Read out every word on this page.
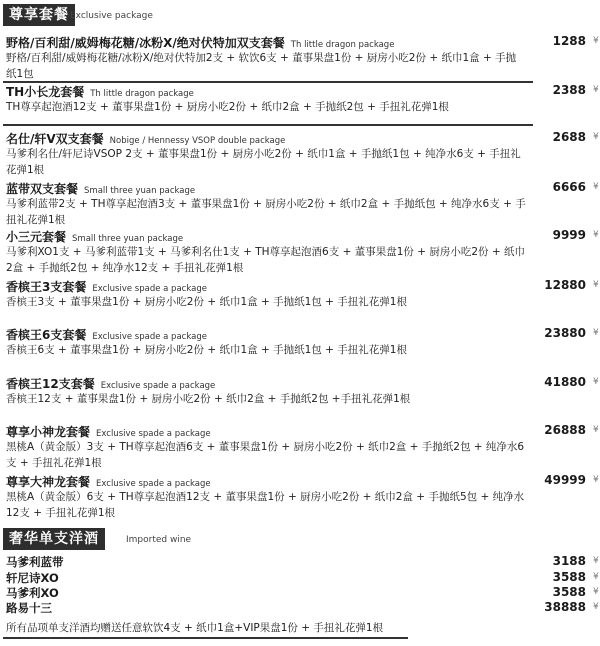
尊享套餐 Exclusive package
野格/百利甜/威姆梅花糖/冰粉X/绝对伏特加双支套餐 Th little dragon package	1288 ¥
野格/百利甜/威姆梅花糖/冰粉X/绝对伏特加2支 + 软饮6支 + 董事果盘1份 + 厨房小吃2份 + 纸巾1盒 + 手抛纸1包
TH小长龙套餐 Th little dragon package	2388 ¥
TH尊享起泡酒12支 + 董事果盘1份 + 厨房小吃2份 + 纸巾2盒 + 手抛纸2包 + 手扭礼花弹1根
名仕/轩V双支套餐 Nobige / Hennessy VSOP double package	2688 ¥
马爹利名仕/轩尼诗VSOP 2支 + 董事果盘1份 + 厨房小吃2份 + 纸巾1盒 + 手抛纸1包 + 纯净水6支 + 手扭礼花弹1根
蓝带双支套餐 Small three yuan package	6666 ¥
马爹利蓝带2支 + TH尊享起泡酒3支 + 董事果盘1份 + 厨房小吃2份 + 纸巾2盒 + 手抛纸包 + 纯净水6支 + 手扭礼花弹1根
小三元套餐 Small three yuan package	9999 ¥
马爹利XO1支 + 马爹利蓝带1支 + 马爹利名仕1支 + TH尊享起泡酒6支 + 董事果盘1份 + 厨房小吃2份 + 纸巾2盒 + 手抛纸2包 + 纯净水12支 + 手扭礼花弹1根
香槟王3支套餐 Exclusive spade a package	12880 ¥
香槟王3支 + 董事果盘1份 + 厨房小吃2份 + 纸巾1盒 + 手抛纸1包 + 手扭礼花弹1根
香槟王6支套餐 Exclusive spade a package	23880 ¥
香槟王6支 + 董事果盘1份 + 厨房小吃2份 + 纸巾1盒 + 手抛纸1包 + 手扭礼花弹1根
香槟王12支套餐 Exclusive spade a package	41880 ¥
香槟王12支 + 董事果盘1份 + 厨房小吃2份 + 纸巾2盒 + 手抛纸2包 +手扭礼花弹1根
尊享小神龙套餐 Exclusive spade a package	26888 ¥
黑桃A（黄金版）3支 + TH尊享起泡酒6支 + 董事果盘1份 + 厨房小吃2份 + 纸巾2盒 + 手抛纸2包 + 纯净水6支 + 手扭礼花弹1根
尊享大神龙套餐 Exclusive spade a package	49999 ¥
黑桃A（黄金版）6支 + TH尊享起泡酒12支 + 董事果盘1份 + 厨房小吃2份 + 纸巾2盒 + 手抛纸5包 + 纯净水12支 + 手扭礼花弹1根
奢华单支洋酒	Imported wine
马爹利蓝带	3188 ¥
轩尼诗XO	3588 ¥
马爹利XO	3588 ¥
路易十三	38888 ¥
所有品项单支洋酒均赠送任意软饮4支 + 纸巾1盒+VIP果盘1份 + 手扭礼花弹1根
